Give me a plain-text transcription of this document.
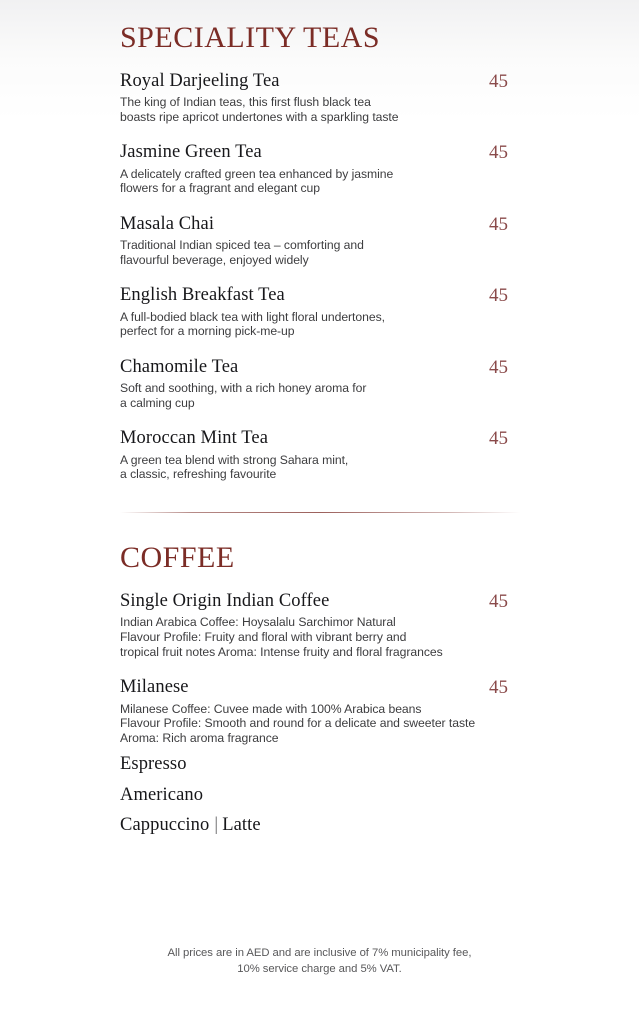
SPECIALITY TEAS
Royal Darjeeling Tea	45
The king of Indian teas, this first flush black tea
boasts ripe apricot undertones with a sparkling taste
Jasmine Green Tea	45
A delicately crafted green tea enhanced by jasmine
flowers for a fragrant and elegant cup
Masala Chai	45
Traditional Indian spiced tea – comforting and
flavourful beverage, enjoyed widely
English Breakfast Tea	45
A full-bodied black tea with light floral undertones,
perfect for a morning pick-me-up
Chamomile Tea	45
Soft and soothing, with a rich honey aroma for
a calming cup
Moroccan Mint Tea	45
A green tea blend with strong Sahara mint,
a classic, refreshing favourite
COFFEE
Single Origin Indian Coffee	45
Indian Arabica Coffee: Hoysalalu Sarchimor Natural
Flavour Profile: Fruity and floral with vibrant berry and
tropical fruit notes Aroma: Intense fruity and floral fragrances
Milanese	45
Milanese Coffee: Cuvee made with 100% Arabica beans
Flavour Profile: Smooth and round for a delicate and sweeter taste
Aroma: Rich aroma fragrance
Espresso
Americano
Cappuccino | Latte
All prices are in AED and are inclusive of 7% municipality fee,
10% service charge and 5% VAT.
